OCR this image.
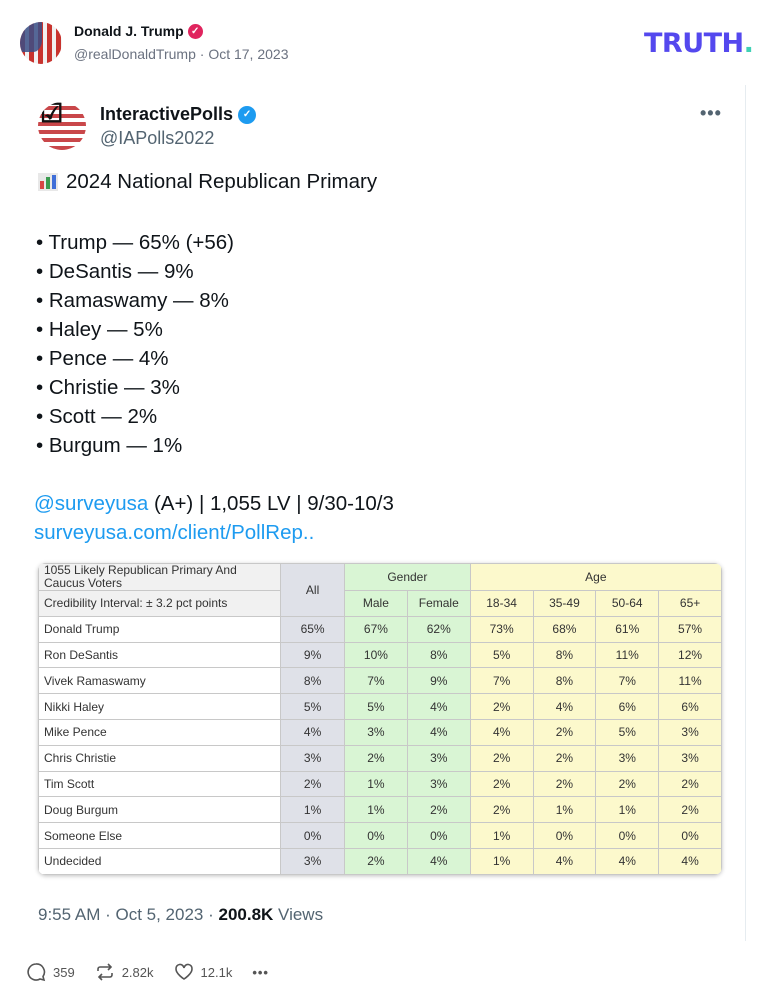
Donald J. Trump ✓
@realDonaldTrump · Oct 17, 2023	TRUTH.
☑ InteractivePolls ✓
@IAPolls2022
•••
2024 National Republican Primary
• Trump — 65% (+56)
• DeSantis — 9%
• Ramaswamy — 8%
• Haley — 5%
• Pence — 4%
• Christie — 3%
• Scott — 2%
• Burgum — 1%
@surveyusa (A+) | 1,055 LV | 9/30-10/3
surveyusa.com/client/PollRep..
1055 Likely Republican Primary And Caucus Voters	All	Gender		Age			
Credibility Interval: ± 3.2 pct points		Male	Female	18-34	35-49	50-64	65+
Donald Trump	65%	67%	62%	73%	68%	61%	57%
Ron DeSantis	9%	10%	8%	5%	8%	11%	12%
Vivek Ramaswamy	8%	7%	9%	7%	8%	7%	11%
Nikki Haley	5%	5%	4%	2%	4%	6%	6%
Mike Pence	4%	3%	4%	4%	2%	5%	3%
Chris Christie	3%	2%	3%	2%	2%	3%	3%
Tim Scott	2%	1%	3%	2%	2%	2%	2%
Doug Burgum	1%	1%	2%	2%	1%	1%	2%
Someone Else	0%	0%	0%	1%	0%	0%	0%
Undecided	3%	2%	4%	1%	4%	4%	4%
9:55 AM · Oct 5, 2023 · 200.8K Views
359	2.82k	12.1k •••
